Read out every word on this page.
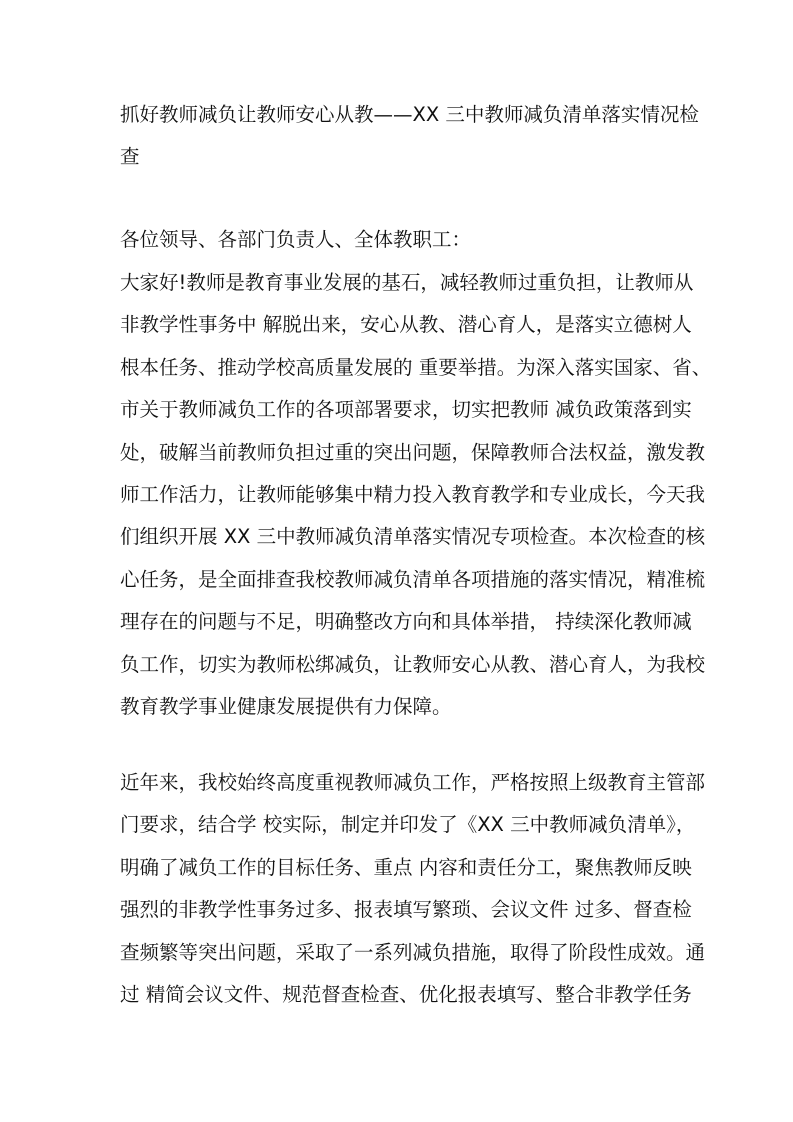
抓好教师减负让教师安心从教——XX 三中教师减负清单落实情况检
查
各位领导、各部门负责人、全体教职工：
大家好!教师是教育事业发展的基石，减轻教师过重负担，让教师从
非教学性事务中 解脱出来，安心从教、潜心育人，是落实立德树人
根本任务、推动学校高质量发展的 重要举措。为深入落实国家、省、
市关于教师减负工作的各项部署要求，切实把教师 减负政策落到实
处，破解当前教师负担过重的突出问题，保障教师合法权益，激发教
师工作活力，让教师能够集中精力投入教育教学和专业成长，今天我
们组织开展 XX 三中教师减负清单落实情况专项检查。本次检查的核
心任务，是全面排查我校教师减负清单各项措施的落实情况，精准梳
理存在的问题与不足，明确整改方向和具体举措， 持续深化教师减
负工作，切实为教师松绑减负，让教师安心从教、潜心育人，为我校
教育教学事业健康发展提供有力保障。
近年来，我校始终高度重视教师减负工作，严格按照上级教育主管部
门要求，结合学 校实际，制定并印发了《XX 三中教师减负清单》，
明确了减负工作的目标任务、重点 内容和责任分工，聚焦教师反映
强烈的非教学性事务过多、报表填写繁琐、会议文件 过多、督查检
查频繁等突出问题，采取了一系列减负措施，取得了阶段性成效。通
过 精简会议文件、规范督查检查、优化报表填写、整合非教学任务
